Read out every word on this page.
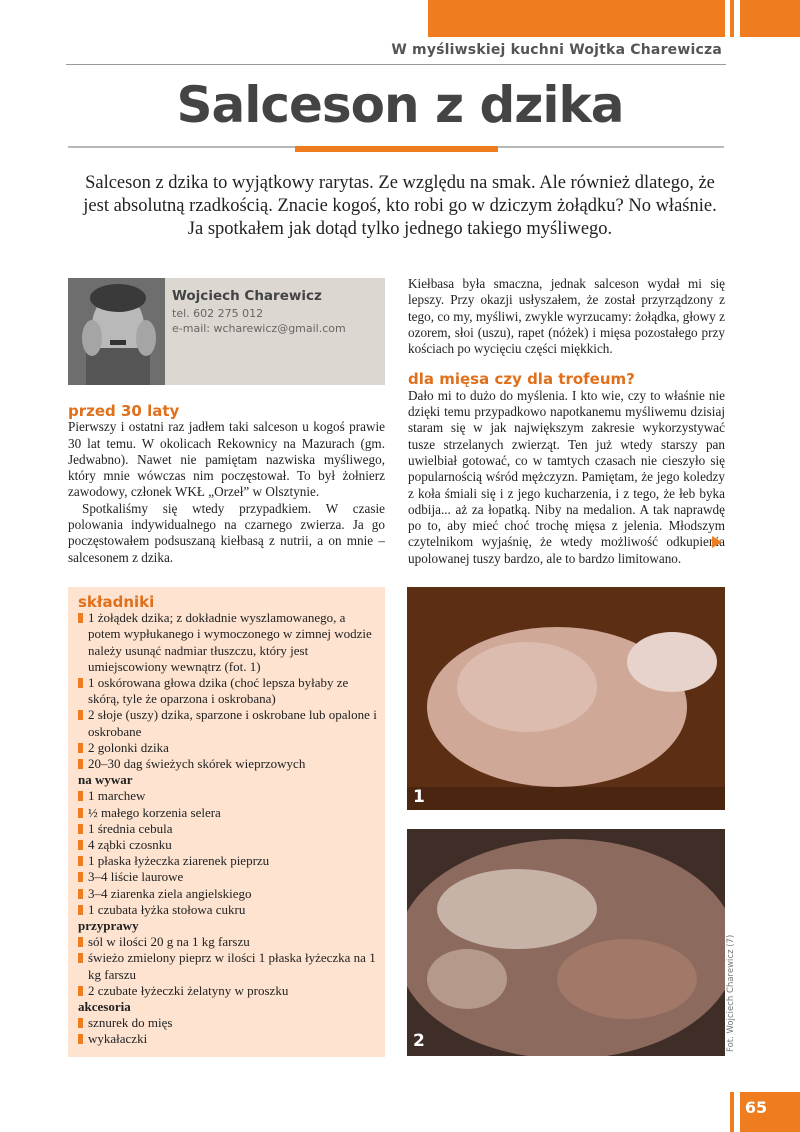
W myśliwskiej kuchni Wojtka Charewicza
Salceson z dzika
Salceson z dzika to wyjątkowy rarytas. Ze względu na smak. Ale również dlatego, że jest absolutną rzadkością. Znacie kogoś, kto robi go w dziczym żołądku? No właśnie. Ja spotkałem jak dotąd tylko jednego takiego myśliwego.
Wojciech Charewicz
tel. 602 275 012
e-mail: wcharewicz@gmail.com
przed 30 laty

Pierwszy i ostatni raz jadłem taki salceson u kogoś prawie 30 lat temu. W okolicach Rekownicy na Mazurach (gm. Jedwabno). Nawet nie pamiętam nazwiska myśliwego, który mnie wówczas nim poczęstował. To był żołnierz zawodowy, członek WKŁ „Orzeł” w Olsztynie.

Spotkaliśmy się wtedy przypadkiem. W czasie polowania indywidualnego na czarnego zwierza. Ja go poczęstowałem podsuszaną kiełbasą z nutrii, a on mnie – salcesonem z dzika.

Kiełbasa była smaczna, jednak salceson wydał mi się lepszy. Przy okazji usłyszałem, że został przyrządzony z tego, co my, myśliwi, zwykle wyrzucamy: żołądka, głowy z ozorem, słoi (uszu), rapet (nóżek) i mięsa pozostałego przy kościach po wycięciu części miękkich.

dla mięsa czy dla trofeum?

Dało mi to dużo do myślenia. I kto wie, czy to właśnie nie dzięki temu przypadkowo napotkanemu myśliwemu dzisiaj staram się w jak największym zakresie wykorzystywać tusze strzelanych zwierząt. Ten już wtedy starszy pan uwielbiał gotować, co w tamtych czasach nie cieszyło się popularnością wśród mężczyzn. Pamiętam, że jego koledzy z koła śmiali się i z jego kucharzenia, i z tego, że łeb byka odbija... aż za łopatką. Niby na medalion. A tak naprawdę po to, aby mieć choć trochę mięsa z jelenia. Młodszym czytelnikom wyjaśnię, że wtedy możliwość odkupienia upolowanej tuszy bardzo, ale to bardzo limitowano.

składniki
1 żołądek dzika; z dokładnie wyszlamowanego, a potem wypłukanego i wymoczonego w zimnej wodzie należy usunąć nadmiar tłuszczu, który jest umiejscowiony wewnątrz (fot. 1)
1 oskórowana głowa dzika (choć lepsza byłaby ze skórą, tyle że oparzona i oskrobana)
2 słoje (uszy) dzika, sparzone i oskrobane lub opalone i oskrobane
2 golonki dzika
20–30 dag świeżych skórek wieprzowych
na wywar
1 marchew
½ małego korzenia selera
1 średnia cebula
4 ząbki czosnku
1 płaska łyżeczka ziarenek pieprzu
3–4 liście laurowe
3–4 ziarenka ziela angielskiego
1 czubata łyżka stołowa cukru
przyprawy
sól w ilości 20 g na 1 kg farszu
świeżo zmielony pieprz w ilości 1 płaska łyżeczka na 1 kg farszu
2 czubate łyżeczki żelatyny w proszku
akcesoria
sznurek do mięs
wykałaczki
1
2	Fot. Wojciech Charewicz (7)
65
